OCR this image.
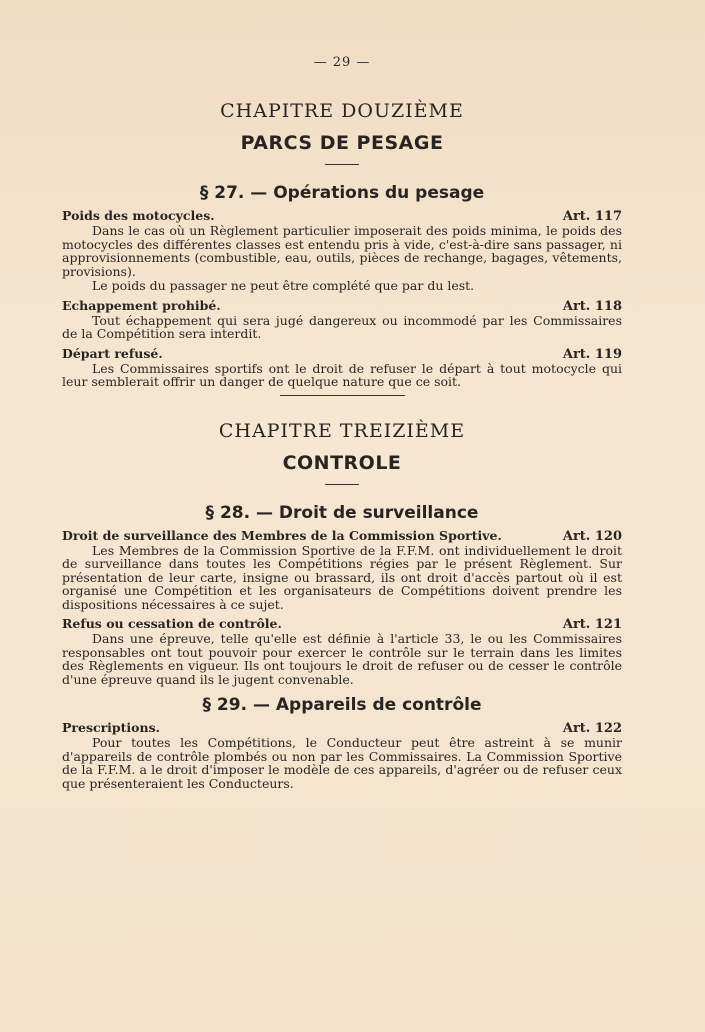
— 29 —
CHAPITRE DOUZIÈME
PARCS DE PESAGE
§ 27. — Opérations du pesage
Poids des motocycles.	Art. 117

Dans le cas où un Règlement particulier imposerait des poids minima, le poids des motocycles des différentes classes est entendu pris à vide, c'est-à-dire sans passager, ni approvisionnements (combustible, eau, outils, pièces de rechange, bagages, vêtements, provisions).

Le poids du passager ne peut être complété que par du lest.

Echappement prohibé.	Art. 118

Tout échappement qui sera jugé dangereux ou incommodé par les Commissaires de la Compétition sera interdit.

Départ refusé.	Art. 119

Les Commissaires sportifs ont le droit de refuser le départ à tout motocycle qui leur semblerait offrir un danger de quelque nature que ce soit.

CHAPITRE TREIZIÈME
CONTROLE
§ 28. — Droit de surveillance
Droit de surveillance des Membres de la Commission Sportive.	Art. 120

Les Membres de la Commission Sportive de la F.F.M. ont individuellement le droit de surveillance dans toutes les Compétitions régies par le présent Règlement. Sur présentation de leur carte, insigne ou brassard, ils ont droit d'accès partout où il est organisé une Compétition et les organisateurs de Compétitions doivent prendre les dispositions nécessaires à ce sujet.

Refus ou cessation de contrôle.	Art. 121

Dans une épreuve, telle qu'elle est définie à l'article 33, le ou les Commissaires responsables ont tout pouvoir pour exercer le contrôle sur le terrain dans les limites des Règlements en vigueur. Ils ont toujours le droit de refuser ou de cesser le contrôle d'une épreuve quand ils le jugent convenable.

§ 29. — Appareils de contrôle
Prescriptions.	Art. 122

Pour toutes les Compétitions, le Conducteur peut être astreint à se munir d'appareils de contrôle plombés ou non par les Commissaires. La Commission Sportive de la F.F.M. a le droit d'imposer le modèle de ces appareils, d'agréer ou de refuser ceux que présenteraient les Conducteurs.
